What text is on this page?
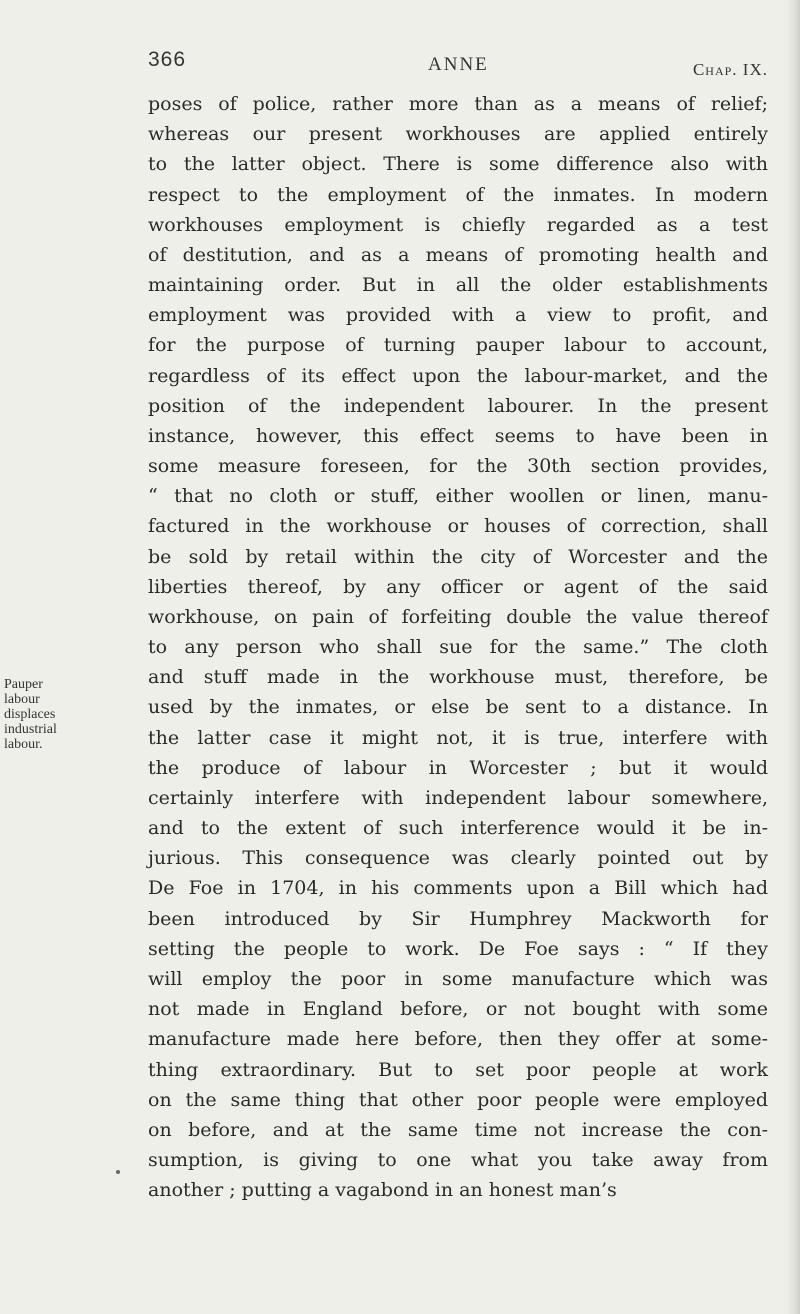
366	ANNE	Chap. IX.
Pauper
labour
displaces
industrial
labour.
poses of police, rather more than as a means of relief;
whereas our present workhouses are applied entirely
to the latter object. There is some difference also with
respect to the employment of the inmates. In modern
workhouses employment is chiefly regarded as a test
of destitution, and as a means of promoting health and
maintaining order. But in all the older establishments
employment was provided with a view to profit, and
for the purpose of turning pauper labour to account,
regardless of its effect upon the labour-market, and the
position of the independent labourer. In the present
instance, however, this effect seems to have been in
some measure foreseen, for the 30th section provides,
“ that no cloth or stuff, either woollen or linen, manu-
factured in the workhouse or houses of correction, shall
be sold by retail within the city of Worcester and the
liberties thereof, by any officer or agent of the said
workhouse, on pain of forfeiting double the value thereof
to any person who shall sue for the same.” The cloth
and stuff made in the workhouse must, therefore, be
used by the inmates, or else be sent to a distance. In
the latter case it might not, it is true, interfere with
the produce of labour in Worcester ; but it would
certainly interfere with independent labour somewhere,
and to the extent of such interference would it be in-
jurious. This consequence was clearly pointed out by
De Foe in 1704, in his comments upon a Bill which had
been introduced by Sir Humphrey Mackworth for
setting the people to work. De Foe says : “ If they
will employ the poor in some manufacture which was
not made in England before, or not bought with some
manufacture made here before, then they offer at some-
thing extraordinary. But to set poor people at work
on the same thing that other poor people were employed
on before, and at the same time not increase the con-
sumption, is giving to one what you take away from
another ; putting a vagabond in an honest man’s
